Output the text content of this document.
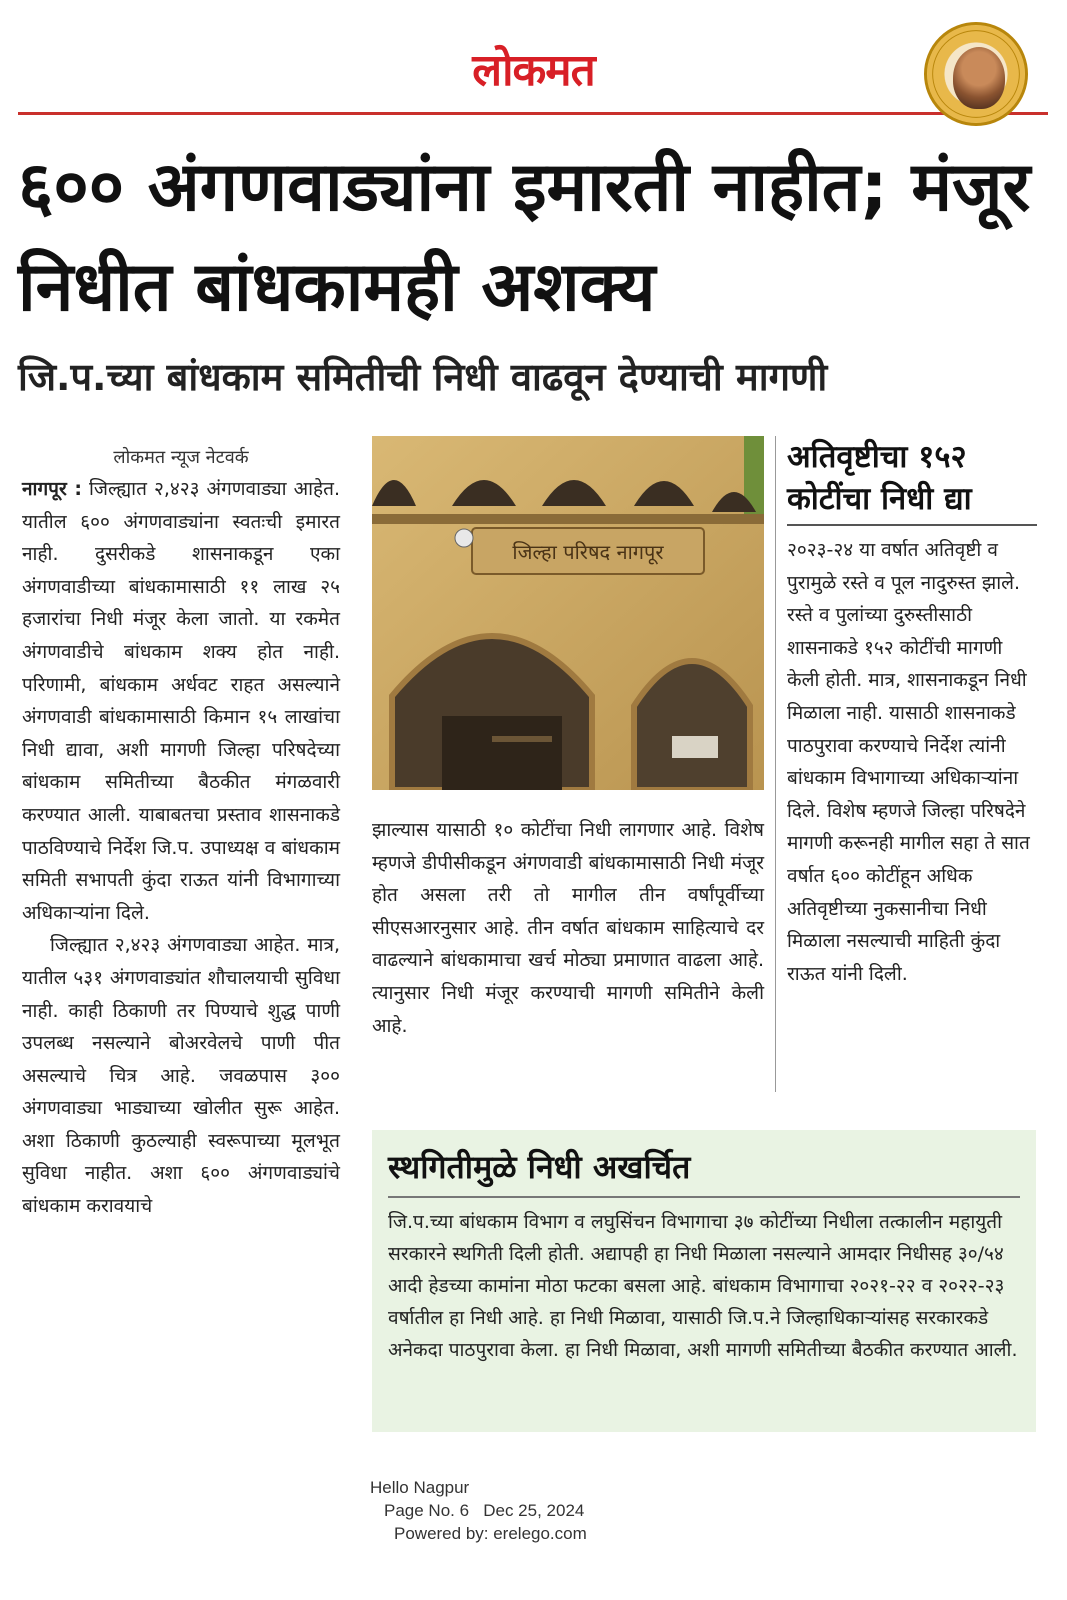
लोकमत
६०० अंगणवाड्यांना इमारती नाहीत; मंजूर निधीत बांधकामही अशक्य
जि.प.च्या बांधकाम समितीची निधी वाढवून देण्याची मागणी
लोकमत न्यूज नेटवर्क

नागपूर : जिल्ह्यात २,४२३ अंगणवाड्या आहेत. यातील ६०० अंगणवाड्यांना स्वतःची इमारत नाही. दुसरीकडे शासनाकडून एका अंगणवाडीच्या बांधकामासाठी ११ लाख २५ हजारांचा निधी मंजूर केला जातो. या रकमेत अंगणवाडीचे बांधकाम शक्य होत नाही. परिणामी, बांधकाम अर्धवट राहत असल्याने अंगणवाडी बांधकामासाठी किमान १५ लाखांचा निधी द्यावा, अशी मागणी जिल्हा परिषदेच्या बांधकाम समितीच्या बैठकीत मंगळवारी करण्यात आली. याबाबतचा प्रस्ताव शासनाकडे पाठविण्याचे निर्देश जि.प. उपाध्यक्ष व बांधकाम समिती सभापती कुंदा राऊत यांनी विभागाच्या अधिकाऱ्यांना दिले.

जिल्ह्यात २,४२३ अंगणवाड्या आहेत. मात्र, यातील ५३१ अंगणवाड्यांत शौचालयाची सुविधा नाही. काही ठिकाणी तर पिण्याचे शुद्ध पाणी उपलब्ध नसल्याने बोअरवेलचे पाणी पीत असल्याचे चित्र आहे. जवळपास ३०० अंगणवाड्या भाड्याच्या खोलीत सुरू आहेत. अशा ठिकाणी कुठल्याही स्वरूपाच्या मूलभूत सुविधा नाहीत. अशा ६०० अंगणवाड्यांचे बांधकाम करावयाचे

जिल्हा परिषद नागपूर

झाल्यास यासाठी १० कोटींचा निधी लागणार आहे. विशेष म्हणजे डीपीसीकडून अंगणवाडी बांधकामासाठी निधी मंजूर होत असला तरी तो मागील तीन वर्षांपूर्वीच्या सीएसआरनुसार आहे. तीन वर्षात बांधकाम साहित्याचे दर वाढल्याने बांधकामाचा खर्च मोठ्या प्रमाणात वाढला आहे. त्यानुसार निधी मंजूर करण्याची मागणी समितीने केली आहे.

अतिवृष्टीचा १५२ कोटींचा निधी द्या

२०२३-२४ या वर्षात अतिवृष्टी व पुरामुळे रस्ते व पूल नादुरुस्त झाले. रस्ते व पुलांच्या दुरुस्तीसाठी शासनाकडे १५२ कोटींची मागणी केली होती. मात्र, शासनाकडून निधी मिळाला नाही. यासाठी शासनाकडे पाठपुरावा करण्याचे निर्देश त्यांनी बांधकाम विभागाच्या अधिकाऱ्यांना दिले. विशेष म्हणजे जिल्हा परिषदेने मागणी करूनही मागील सहा ते सात वर्षात ६०० कोटींहून अधिक अतिवृष्टीच्या नुकसानीचा निधी मिळाला नसल्याची माहिती कुंदा राऊत यांनी दिली.

स्थगितीमुळे निधी अखर्चित

जि.प.च्या बांधकाम विभाग व लघुसिंचन विभागाचा ३७ कोटींच्या निधीला तत्कालीन महायुती सरकारने स्थगिती दिली होती. अद्यापही हा निधी मिळाला नसल्याने आमदार निधीसह ३०/५४ आदी हेडच्या कामांना मोठा फटका बसला आहे. बांधकाम विभागाचा २०२१-२२ व २०२२-२३ वर्षातील हा निधी आहे. हा निधी मिळावा, यासाठी जि.प.ने जिल्हाधिकाऱ्यांसह सरकारकडे अनेकदा पाठपुरावा केला. हा निधी मिळावा, अशी मागणी समितीच्या बैठकीत करण्यात आली.

Hello Nagpur
Page No. 6   Dec 25, 2024
Powered by: erelego.com
